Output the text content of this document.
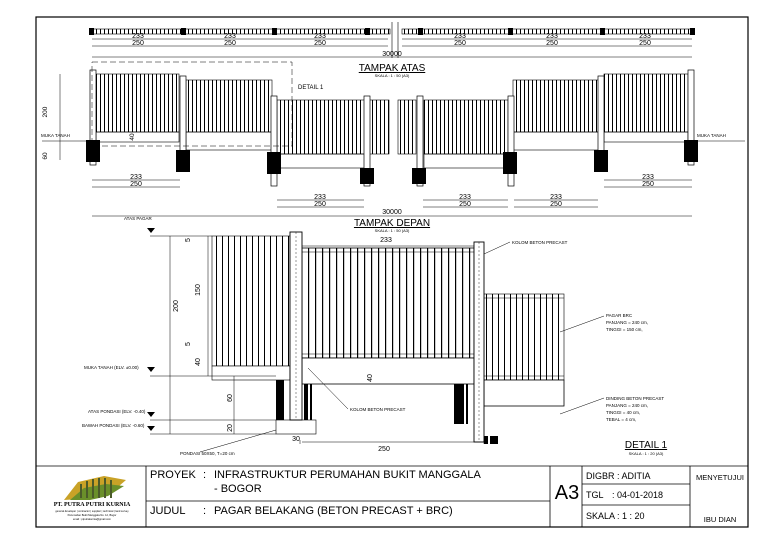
233	233	233	233	233	233
250	250	250	250	250	250
30000
TAMPAK ATAS
SKALA : 1 : 50 (A3)
DETAIL 1
200
60
40
MUKA TANAH	MUKA TANAH
233
250
233
250
233
250
233
250
233
250
30000
TAMPAK DEPAN
SKALA : 1 : 50 (A3)
ATAS PAGAR
MUKA TANAH (ELV. ±0.00)
ATAS PONDASI (ELV. -0.40)
BAWAH PONDASI (ELV. -0.60)
PONDASI 50X50, T=20 cm
KOLOM BETON PRECAST
KOLOM BETON PRECAST
PAGAR BRC
PANJANG = 240 cm,
TINGGI = 150 cm,
DINDING BETON PRECAST
PANJANG = 240 cm,
TINGGI = 40 cm,
TEBAL = 4 cm,
5
150
5
40
200
60
20
40
30
250
233
DETAIL 1
SKALA : 1 : 20 (A3)
PT. PUTRA PUTRI KURNIA
general developer | contractor | supplier | technical | land survey
Perumahan Bukit Manggala No. 12, Bogor
email : ptputrakurnia@gmail.com
PROYEK : INFRASTRUKTUR PERUMAHAN BUKIT MANGGALA
- BOGOR
JUDUL : PAGAR BELAKANG (BETON PRECAST + BRC)
A3
DIGBR : ADITIA
TGL : 04-01-2018
SKALA : 1 : 20
MENYETUJUI
IBU DIAN
